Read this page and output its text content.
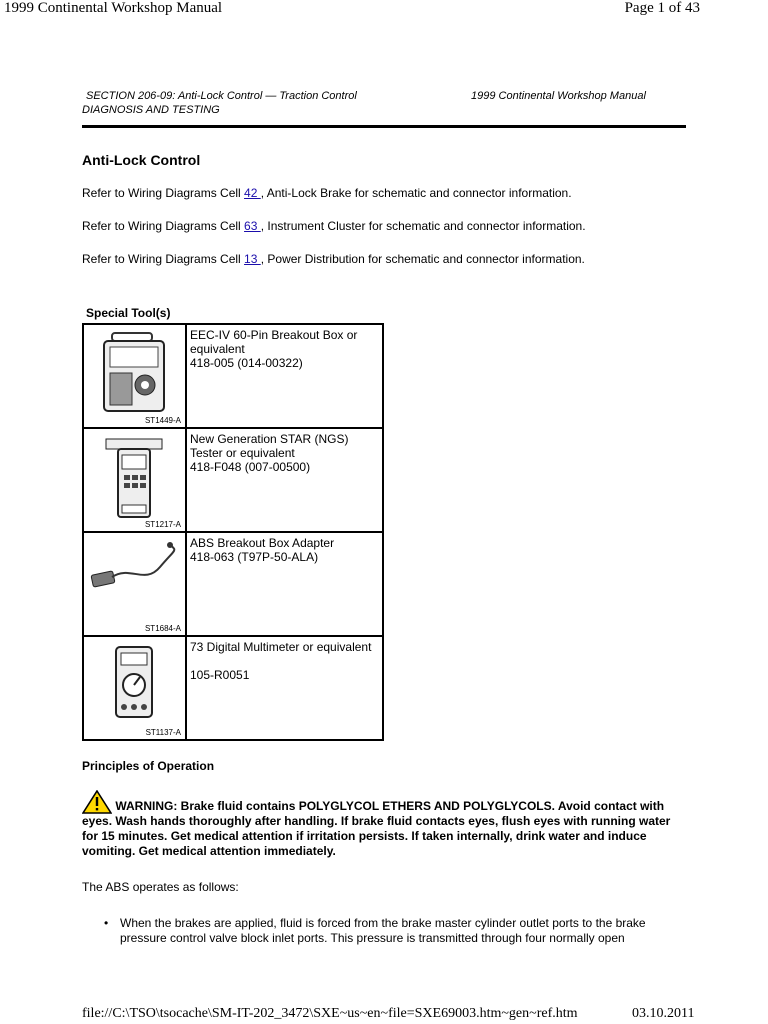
1999 Continental Workshop Manual	Page 1 of 43
SECTION 206-09: Anti-Lock Control — Traction Control
DIAGNOSIS AND TESTING
1999 Continental Workshop Manual
Anti-Lock Control
Refer to Wiring Diagrams Cell 42 , Anti-Lock Brake for schematic and connector information.
Refer to Wiring Diagrams Cell 63 , Instrument Cluster for schematic and connector information.
Refer to Wiring Diagrams Cell 13 , Power Distribution for schematic and connector information.
Special Tool(s)
ST1449-A	EEC-IV 60-Pin Breakout Box or
equivalent
418-005 (014-00322)

ST1217-A	New Generation STAR (NGS)
Tester or equivalent
418-F048 (007-00500)

ST1684-A	ABS Breakout Box Adapter
418-063 (T97P-50-ALA)

ST1137-A	73 Digital Multimeter or equivalent
105-R0051
Principles of Operation
WARNING: Brake fluid contains POLYGLYCOL ETHERS AND POLYGLYCOLS. Avoid contact with eyes. Wash hands thoroughly after handling. If brake fluid contacts eyes, flush eyes with running water for 15 minutes. Get medical attention if irritation persists. If taken internally, drink water and induce vomiting. Get medical attention immediately.
The ABS operates as follows:
• When the brakes are applied, fluid is forced from the brake master cylinder outlet ports to the brake pressure control valve block inlet ports. This pressure is transmitted through four normally open
file://C:\TSO\tsocache\SM-IT-202_3472\SXE~us~en~file=SXE69003.htm~gen~ref.htm	03.10.2011
